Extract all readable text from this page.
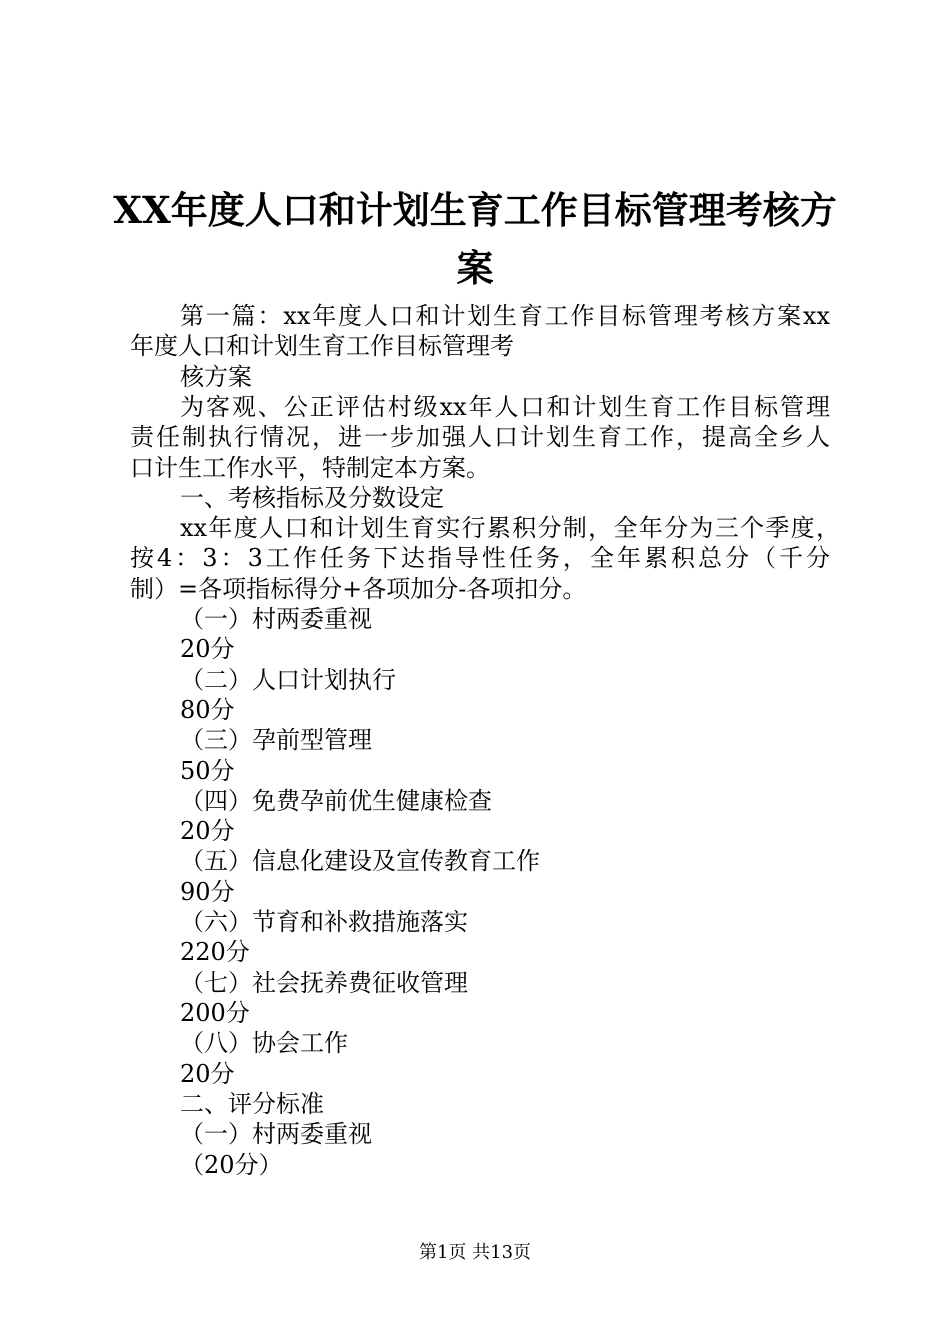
XX年度人口和计划生育工作目标管理考核方
案
第一篇：xx年度人口和计划生育工作目标管理考核方案xx
年度人口和计划生育工作目标管理考
核方案
为客观、公正评估村级xx年人口和计划生育工作目标管理
责任制执行情况，进一步加强人口计划生育工作，提高全乡人
口计生工作水平，特制定本方案。
一、考核指标及分数设定
xx年度人口和计划生育实行累积分制，全年分为三个季度，
按4：3：3工作任务下达指导性任务，全年累积总分（千分
制）=各项指标得分+各项加分-各项扣分。
（一）村两委重视
20分
（二）人口计划执行
80分
（三）孕前型管理
50分
（四）免费孕前优生健康检查
20分
（五）信息化建设及宣传教育工作
90分
（六）节育和补救措施落实
220分
（七）社会抚养费征收管理
200分
（八）协会工作
20分
二、评分标准
（一）村两委重视
（20分）
第1页 共13页
